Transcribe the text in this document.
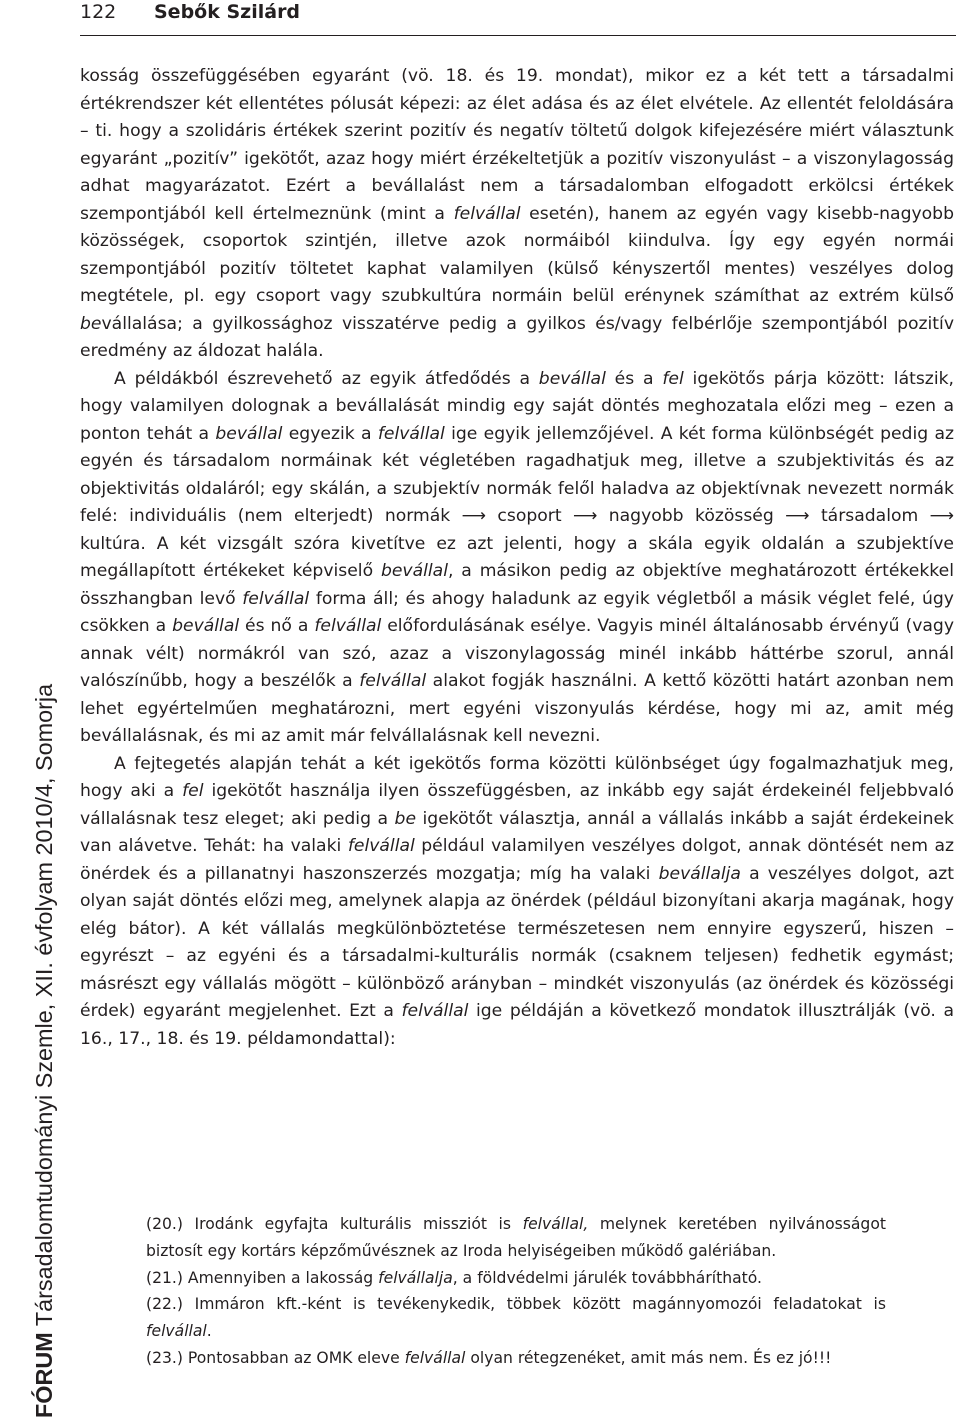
122 Sebők Szilárd
FÓRUM Társadalomtudományi Szemle, XII. évfolyam 2010/4, Somorja

kosság összefüggésében egyaránt (vö. 18. és 19. mondat), mikor ez a két tett a társadalmi értékrendszer két ellentétes pólusát képezi: az élet adása és az élet elvétele. Az ellentét feloldására – ti. hogy a szolidáris értékek szerint pozitív és negatív töltetű dolgok kifejezésére miért választunk egyaránt „pozitív” igekötőt, azaz hogy miért érzékeltetjük a pozitív viszonyulást – a viszonylagosság adhat magyarázatot. Ezért a bevállalást nem a társadalomban elfogadott erkölcsi értékek szempontjából kell értelmeznünk (mint a felvállal esetén), hanem az egyén vagy kisebb-nagyobb közösségek, csoportok szintjén, illetve azok normáiból kiindulva. Így egy egyén normái szempontjából pozitív töltetet kaphat valamilyen (külső kényszertől mentes) veszélyes dolog megtétele, pl. egy csoport vagy szubkultúra normáin belül erénynek számíthat az extrém külső bevállalása; a gyilkossághoz visszatérve pedig a gyilkos és/vagy felbérlője szempontjából pozitív eredmény az áldozat halála.

A példákból észrevehető az egyik átfedődés a bevállal és a fel igekötős párja között: látszik, hogy valamilyen dolognak a bevállalását mindig egy saját döntés meghozatala előzi meg – ezen a ponton tehát a bevállal egyezik a felvállal ige egyik jellemzőjével. A két forma különbségét pedig az egyén és társadalom normáinak két végletében ragadhatjuk meg, illetve a szubjektivitás és az objektivitás oldaláról; egy skálán, a szubjektív normák felől haladva az objektívnak nevezett normák felé: individuális (nem elterjedt) normák ⟶ csoport ⟶ nagyobb közösség ⟶ társadalom ⟶ kultúra. A két vizsgált szóra kivetítve ez azt jelenti, hogy a skála egyik oldalán a szubjektíve megállapított értékeket képviselő bevállal, a másikon pedig az objektíve meghatározott értékekkel összhangban levő felvállal forma áll; és ahogy haladunk az egyik végletből a másik véglet felé, úgy csökken a bevállal és nő a felvállal előfordulásának esélye. Vagyis minél általánosabb érvényű (vagy annak vélt) normákról van szó, azaz a viszonylagosság minél inkább háttérbe szorul, annál valószínűbb, hogy a beszélők a felvállal alakot fogják használni. A kettő közötti határt azonban nem lehet egyértelműen meghatározni, mert egyéni viszonyulás kérdése, hogy mi az, amit még bevállalásnak, és mi az amit már felvállalásnak kell nevezni.

A fejtegetés alapján tehát a két igekötős forma közötti különbséget úgy fogalmazhatjuk meg, hogy aki a fel igekötőt használja ilyen összefüggésben, az inkább egy saját érdekeinél feljebbvaló vállalásnak tesz eleget; aki pedig a be igekötőt választja, annál a vállalás inkább a saját érdekeinek van alávetve. Tehát: ha valaki felvállal például valamilyen veszélyes dolgot, annak döntését nem az önérdek és a pillanatnyi haszonszerzés mozgatja; míg ha valaki bevállalja a veszélyes dolgot, azt olyan saját döntés előzi meg, amelynek alapja az önérdek (például bizonyítani akarja magának, hogy elég bátor). A két vállalás megkülönböztetése természetesen nem ennyire egyszerű, hiszen – egyrészt – az egyéni és a társadalmi-kulturális normák (csaknem teljesen) fedhetik egymást; másrészt egy vállalás mögött – különböző arányban – mindkét viszonyulás (az önérdek és közösségi érdek) egyaránt megjelenhet. Ezt a felvállal ige példáján a következő mondatok illusztrálják (vö. a 16., 17., 18. és 19. példamondattal):

(20.) Irodánk egyfajta kulturális missziót is felvállal, melynek keretében nyilvánosságot biztosít egy kortárs képzőművésznek az Iroda helyiségeiben működő galériában.

(21.) Amennyiben a lakosság felvállalja, a földvédelmi járulék továbbhárítható.

(22.) Immáron kft.-ként is tevékenykedik, többek között magánnyomozói feladatokat is felvállal.

(23.) Pontosabban az OMK eleve felvállal olyan rétegzenéket, amit más nem. És ez jó!!!
